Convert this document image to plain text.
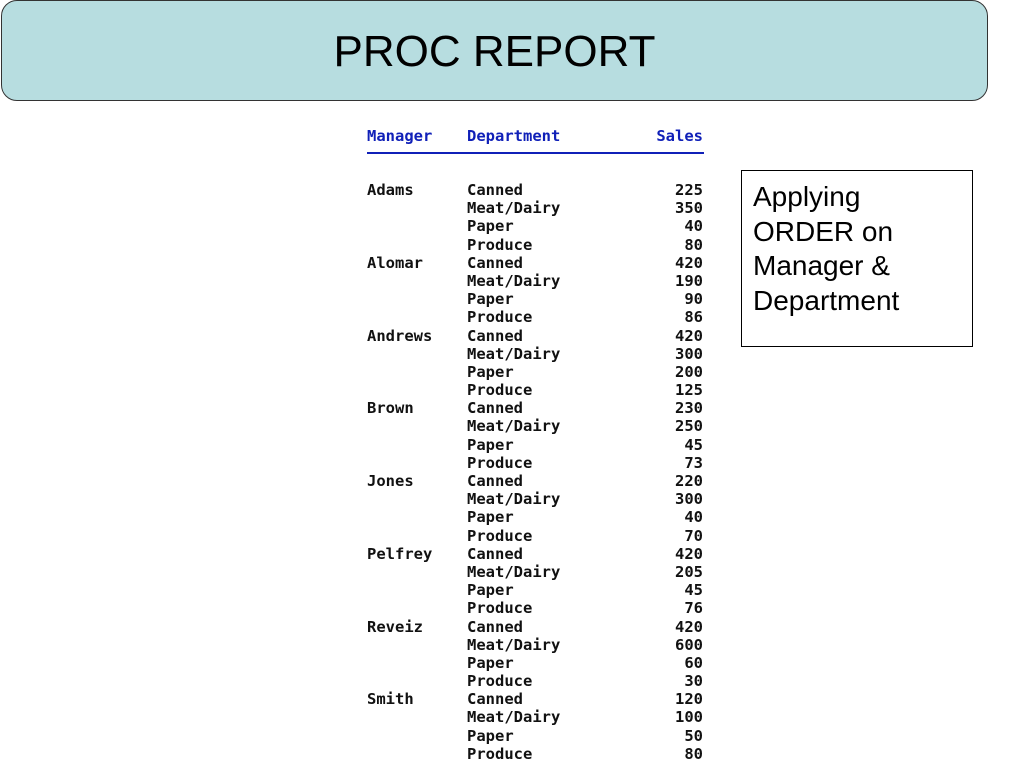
PROC REPORT
Manager	Department	Sales
Adams	Canned	225
Meat/Dairy	350
Paper	40
Produce	80
Alomar	Canned	420
Meat/Dairy	190
Paper	90
Produce	86
Andrews	Canned	420
Meat/Dairy	300
Paper	200
Produce	125
Brown	Canned	230
Meat/Dairy	250
Paper	45
Produce	73
Jones	Canned	220
Meat/Dairy	300
Paper	40
Produce	70
Pelfrey	Canned	420
Meat/Dairy	205
Paper	45
Produce	76
Reveiz	Canned	420
Meat/Dairy	600
Paper	60
Produce	30
Smith	Canned	120
Meat/Dairy	100
Paper	50
Produce	80
Applying ORDER on Manager & Department
